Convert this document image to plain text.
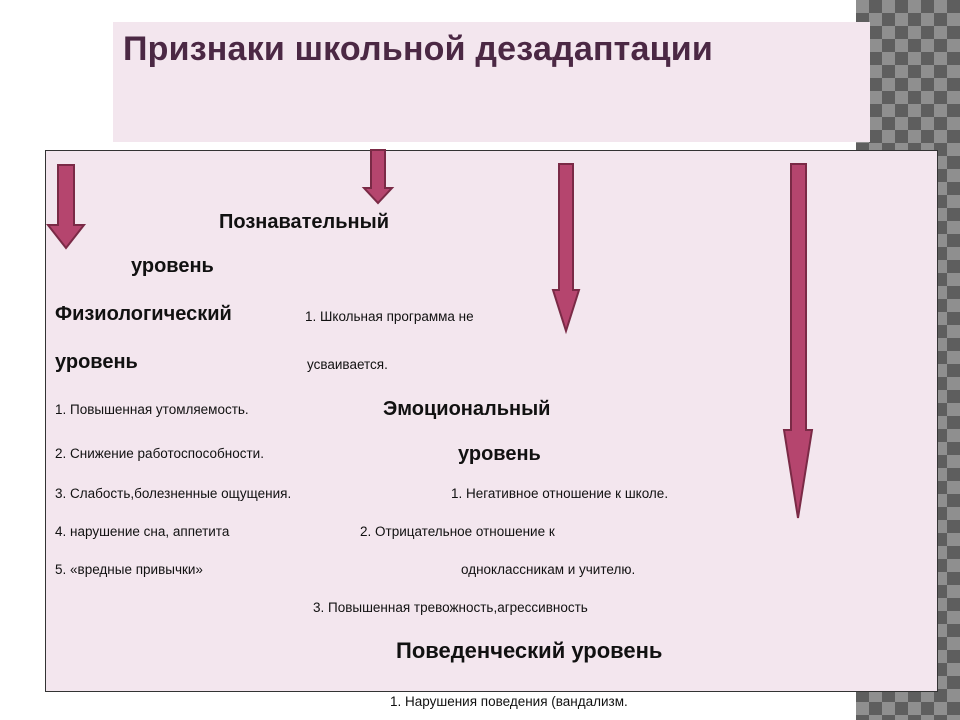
Признаки школьной дезадаптации
Познавательный
уровень
1. Школьная программа не
усваивается.
Физиологический
уровень
1. Повышенная утомляемость.
2. Снижение работоспособности.
3. Слабость,болезненные ощущения.
4. нарушение сна, аппетита
5. «вредные привычки»
Эмоциональный
уровень
1. Негативное отношение к школе.
2. Отрицательное отношение к
одноклассникам и учителю.
3. Повышенная тревожность,агрессивность
Поведенческий уровень
1. Нарушения поведения (вандализм.
